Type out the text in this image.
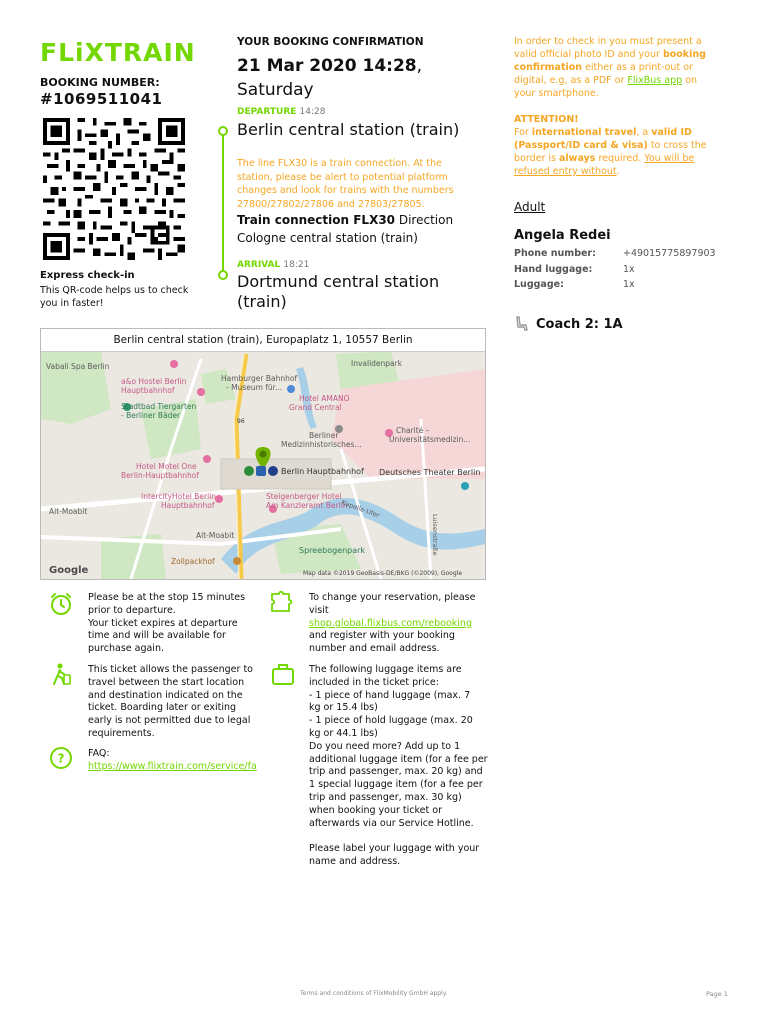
FLiXTRAIN
BOOKING NUMBER:
#1069511041
Express check-in
This QR-code helps us to check you in faster!
YOUR BOOKING CONFIRMATION
21 Mar 2020 14:28,
Saturday
DEPARTURE 14:28
Berlin central station (train)
The line FLX30 is a train connection. At the station, please be alert to potential platform changes and look for trains with the numbers 27800/27802/27806 and 27803/27805.
Train connection FLX30 Direction Cologne central station (train)
ARRIVAL 18:21
Dortmund central station (train)
In order to check in you must present a valid official photo ID and your booking confirmation either as a print-out or digital, e.g, as a PDF or FlixBus app on your smartphone.
ATTENTION!
For international travel, a valid ID (Passport/ID card & visa) to cross the border is always required. You will be refused entry without.
Adult
Angela Redei
Phone number:	+49015775897903
Hand luggage:	1x
Luggage:	1x
Coach 2: 1A
Berlin central station (train), Europaplatz 1, 10557 Berlin
Vabali Spa Berlin
a&o Hostel Berlin
Hauptbahnhof
Hamburger Bahnhof
- Museum für...
Invalidenpark
Stadtbad Tiergarten
- Berliner Bäder
Hotel AMANO
Grand Central
Berliner
Medizinhistorisches...
Charité –
Universitätsmedizin...
Hotel Motel One
Berlin-Hauptbahnhof	Berlin Hauptbahnhof Deutsches Theater Berlin
IntercityHotel Berlin
Hauptbahnhof
Steigenberger Hotel
Am Kanzleramt Berlin
Alt-Moabit
Alt-Moabit
Spreebogenpark
Zollpackhof
Luisenstraße
Kapelle-Ufer
96
Google	Map data ©2019 GeoBasis-DE/BKG (©2009), Google
Please be at the stop 15 minutes prior to departure.
Your ticket expires at departure time and will be available for purchase again.
This ticket allows the passenger to travel between the start location and destination indicated on the ticket. Boarding later or exiting early is not permitted due to legal requirements.
? FAQ:
https://www.flixtrain.com/service/fa
To change your reservation, please visit
shop.global.flixbus.com/rebooking
and register with your booking number and email address.
The following luggage items are included in the ticket price:
- 1 piece of hand luggage (max. 7
kg or 15.4 lbs)
- 1 piece of hold luggage (max. 20
kg or 44.1 lbs)
Do you need more? Add up to 1 additional luggage item (for a fee per trip and passenger, max. 20 kg) and 1 special luggage item (for a fee per trip and passenger, max. 30 kg) when booking your ticket or afterwards via our Service Hotline.

Please label your luggage with your name and address.
Terms and conditions of FlixMobility GmbH apply.	Page 1
